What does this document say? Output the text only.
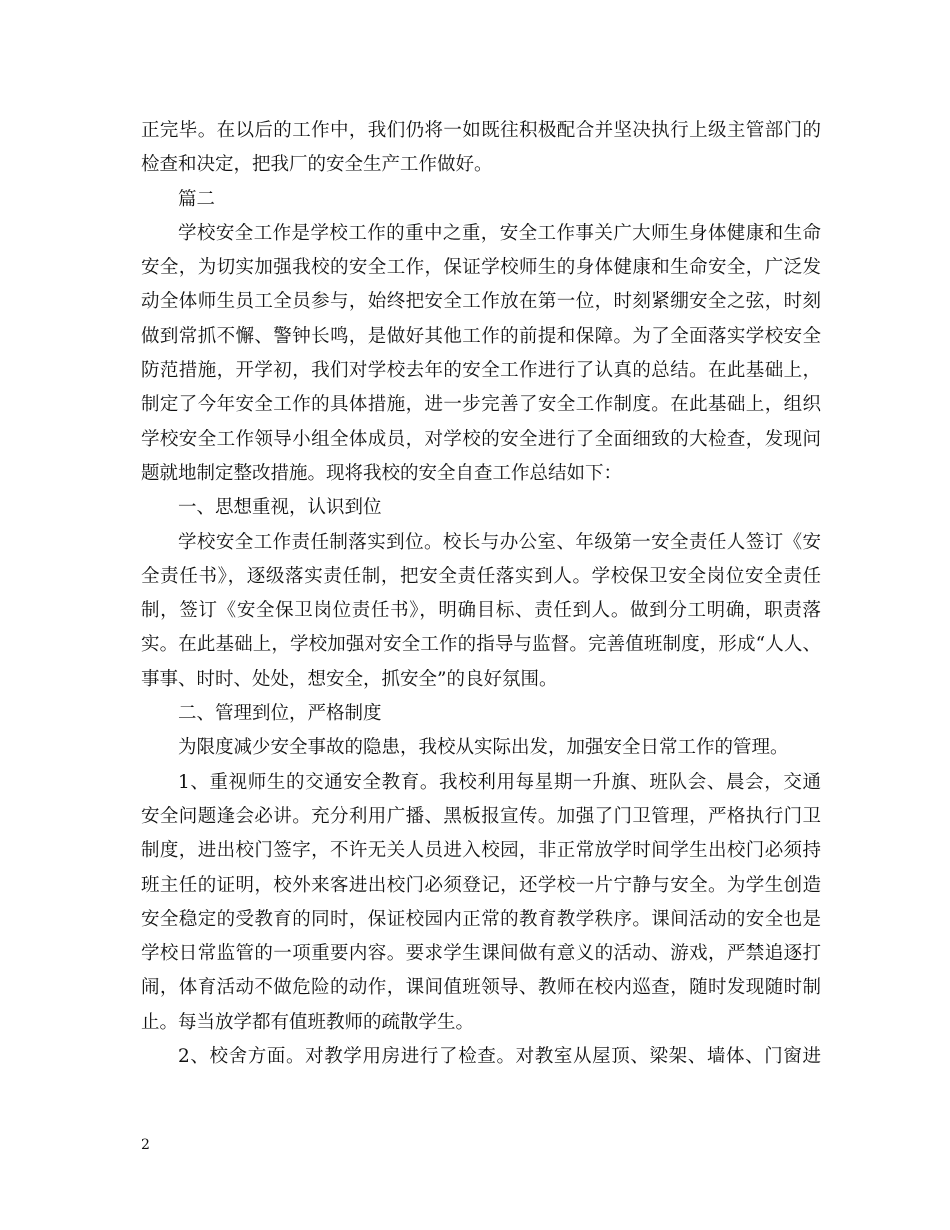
正完毕。在以后的工作中，我们仍将一如既往积极配合并坚决执行上级主管部门的
检查和决定，把我厂的安全生产工作做好。
篇二
学校安全工作是学校工作的重中之重，安全工作事关广大师生身体健康和生命
安全，为切实加强我校的安全工作，保证学校师生的身体健康和生命安全，广泛发
动全体师生员工全员参与，始终把安全工作放在第一位，时刻紧绷安全之弦，时刻
做到常抓不懈、警钟长鸣，是做好其他工作的前提和保障。为了全面落实学校安全
防范措施，开学初，我们对学校去年的安全工作进行了认真的总结。在此基础上，
制定了今年安全工作的具体措施，进一步完善了安全工作制度。在此基础上，组织
学校安全工作领导小组全体成员，对学校的安全进行了全面细致的大检查，发现问
题就地制定整改措施。现将我校的安全自查工作总结如下：
一、思想重视，认识到位
学校安全工作责任制落实到位。校长与办公室、年级第一安全责任人签订《安
全责任书》，逐级落实责任制，把安全责任落实到人。学校保卫安全岗位安全责任
制，签订《安全保卫岗位责任书》，明确目标、责任到人。做到分工明确，职责落
实。在此基础上，学校加强对安全工作的指导与监督。完善值班制度，形成“人人、
事事、时时、处处，想安全，抓安全”的良好氛围。
二、管理到位，严格制度
为限度减少安全事故的隐患，我校从实际出发，加强安全日常工作的管理。
1、重视师生的交通安全教育。我校利用每星期一升旗、班队会、晨会，交通
安全问题逢会必讲。充分利用广播、黑板报宣传。加强了门卫管理，严格执行门卫
制度，进出校门签字，不许无关人员进入校园，非正常放学时间学生出校门必须持
班主任的证明，校外来客进出校门必须登记，还学校一片宁静与安全。为学生创造
安全稳定的受教育的同时，保证校园内正常的教育教学秩序。课间活动的安全也是
学校日常监管的一项重要内容。要求学生课间做有意义的活动、游戏，严禁追逐打
闹，体育活动不做危险的动作，课间值班领导、教师在校内巡查，随时发现随时制
止。每当放学都有值班教师的疏散学生。
2、校舍方面。对教学用房进行了检查。对教室从屋顶、梁架、墙体、门窗进
2
